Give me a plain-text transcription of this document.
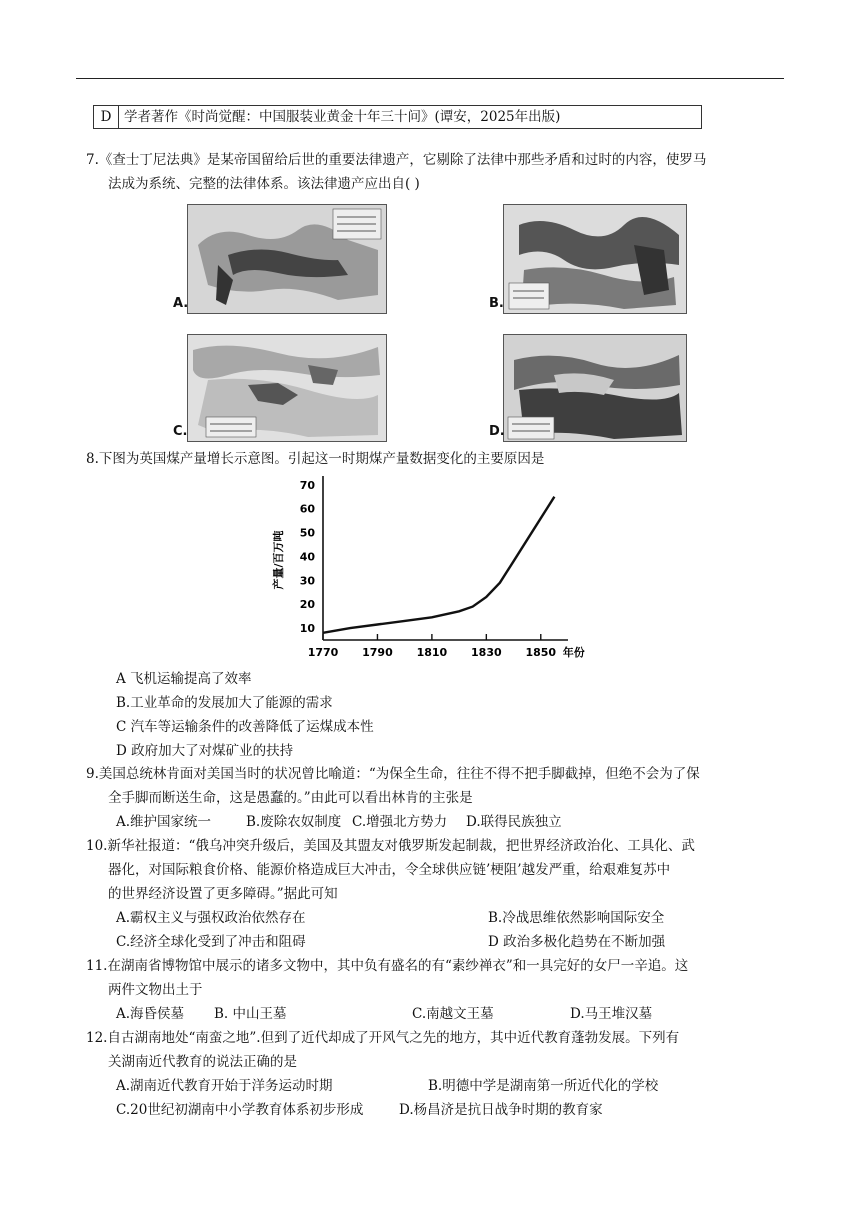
D 学者著作《时尚觉醒：中国服装业黄金十年三十问》(谭安，2025年出版)
7.《查士丁尼法典》是某帝国留给后世的重要法律遗产，它剔除了法律中那些矛盾和过时的内容，使罗马
法成为系统、完整的法律体系。该法律遗产应出自( )
A.	B.
C.	D.
8.下图为英国煤产量增长示意图。引起这一时期煤产量数据变化的主要原因是
10
20
30
40
50
60
70
1770 1790 1810 1830 1850
产量/百万吨
年份
A 飞机运输提高了效率
B.工业革命的发展加大了能源的需求
C 汽车等运输条件的改善降低了运煤成本性
D 政府加大了对煤矿业的扶持
9.美国总统林肯面对美国当时的状况曾比喻道：“为保全生命，往往不得不把手脚截掉，但绝不会为了保
全手脚而断送生命，这是愚蠢的。”由此可以看出林肯的主张是
A.维护国家统一	B.废除农奴制度 C.增强北方势力 D.联得民族独立
10.新华社报道：“俄乌冲突升级后，美国及其盟友对俄罗斯发起制裁，把世界经济政治化、工具化、武
器化，对国际粮食价格、能源价格造成巨大冲击，令全球供应链’梗阻’越发严重，给艰难复苏中
的世界经济设置了更多障碍。”据此可知
A.霸权主义与强权政治依然存在	B.冷战思维依然影响国际安全
C.经济全球化受到了冲击和阻碍	D 政治多极化趋势在不断加强
11.在湖南省博物馆中展示的诸多文物中，其中负有盛名的有“素纱禅衣”和一具完好的女尸一辛追。这
两件文物出土于
A.海昏侯墓 B. 中山王墓	C.南越文王墓	D.马王堆汉墓
12.自古湖南地处“南蛮之地”.但到了近代却成了开风气之先的地方，其中近代教育蓬勃发展。下列有
关湖南近代教育的说法正确的是
A.湖南近代教育开始于洋务运动时期	B.明德中学是湖南第一所近代化的学校
C.20世纪初湖南中小学教育体系初步形成	D.杨昌济是抗日战争时期的教育家
